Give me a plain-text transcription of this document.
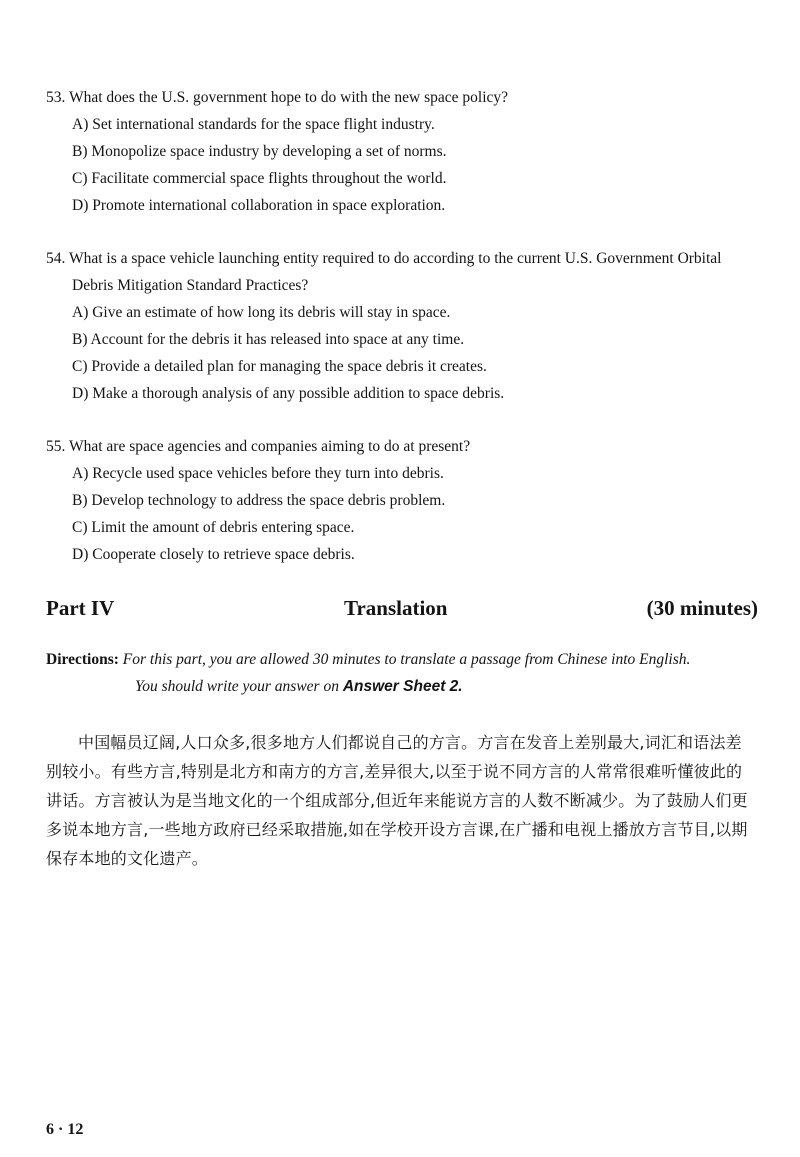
53. What does the U.S. government hope to do with the new space policy?

A) Set international standards for the space flight industry.

B) Monopolize space industry by developing a set of norms.

C) Facilitate commercial space flights throughout the world.

D) Promote international collaboration in space exploration.

54. What is a space vehicle launching entity required to do according to the current U.S. Government Orbital Debris Mitigation Standard Practices?

A) Give an estimate of how long its debris will stay in space.

B) Account for the debris it has released into space at any time.

C) Provide a detailed plan for managing the space debris it creates.

D) Make a thorough analysis of any possible addition to space debris.

55. What are space agencies and companies aiming to do at present?

A) Recycle used space vehicles before they turn into debris.

B) Develop technology to address the space debris problem.

C) Limit the amount of debris entering space.

D) Cooperate closely to retrieve space debris.

Part IV	Translation	(30 minutes)

Directions: For this part, you are allowed 30 minutes to translate a passage from Chinese into English.

You should write your answer on Answer Sheet 2.

中国幅员辽阔,人口众多,很多地方人们都说自己的方言。方言在发音上差别最大,词汇和语法差别较小。有些方言,特别是北方和南方的方言,差异很大,以至于说不同方言的人常常很难听懂彼此的讲话。方言被认为是当地文化的一个组成部分,但近年来能说方言的人数不断减少。为了鼓励人们更多说本地方言,一些地方政府已经采取措施,如在学校开设方言课,在广播和电视上播放方言节目,以期保存本地的文化遗产。

6 · 12
